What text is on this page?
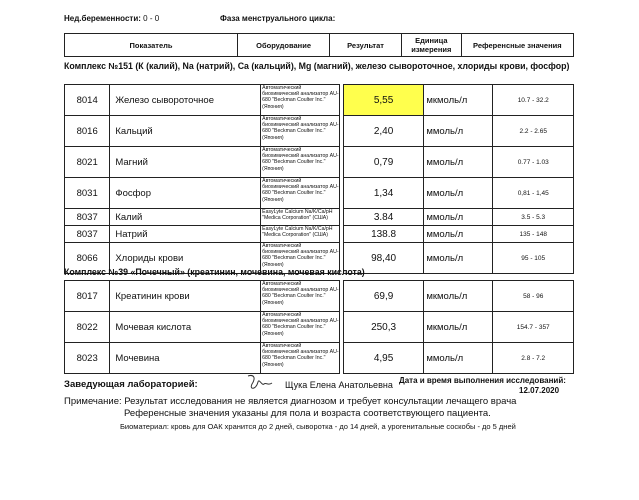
Нед.беременности: 0 - 0	Фаза менструального цикла:
Показатель	Оборудование	Результат	Единица измерения	Референсные значения
Комплекс №151 (К (калий), Na (натрий), Ca (кальций), Mg (магний), железо сывороточное, хлориды крови, фосфор)
8014	Железо сывороточное	Автоматический биохимический анализатор AU- 680 "Beckman Coulter Inc." (Япония)		5,55	мкмоль/л	10.7 - 32.2
8016	Кальций	Автоматический биохимический анализатор AU- 680 "Beckman Coulter Inc." (Япония)		2,40	ммоль/л	2.2 - 2.65
8021	Магний	Автоматический биохимический анализатор AU- 680 "Beckman Coulter Inc." (Япония)		0,79	ммоль/л	0.77 - 1.03
8031	Фосфор	Автоматический биохимический анализатор AU- 680 "Beckman Coulter Inc." (Япония)		1,34	ммоль/л	0,81 - 1,45
8037	Калий	EasyLyte Calcium Na/K/Ca/pH "Medica Corporation" (США)		3.84	ммоль/л	3.5 - 5.3
8037	Натрий	EasyLyte Calcium Na/K/Ca/pH "Medica Corporation" (США)		138.8	ммоль/л	135 - 148
8066	Хлориды крови	Автоматический биохимический анализатор AU- 680 "Beckman Coulter Inc." (Япония)		98,40	ммоль/л	95 - 105
Комплекс №39 «Почечный» (креатинин, мочевина, мочевая кислота)
8017	Креатинин крови	Автоматический биохимический анализатор AU- 680 "Beckman Coulter Inc." (Япония)		69,9	мкмоль/л	58 - 96
8022	Мочевая кислота	Автоматический биохимический анализатор AU- 680 "Beckman Coulter Inc." (Япония)		250,3	мкмоль/л	154.7 - 357
8023	Мочевина	Автоматический биохимический анализатор AU- 680 "Beckman Coulter Inc." (Япония)		4,95	ммоль/л	2.8 - 7.2
Заведующая лабораторией:	Щука Елена Анатольевна Дата и время выполнения исследований:
12.07.2020
Примечание: Результат исследования не является диагнозом и требует консультации лечащего врача
Референсные значения указаны для пола и возраста соответствующего пациента.
Биоматериал: кровь для ОАК хранится до 2 дней, сыворотка - до 14 дней, а урогенитальные соскобы - до 5 дней
